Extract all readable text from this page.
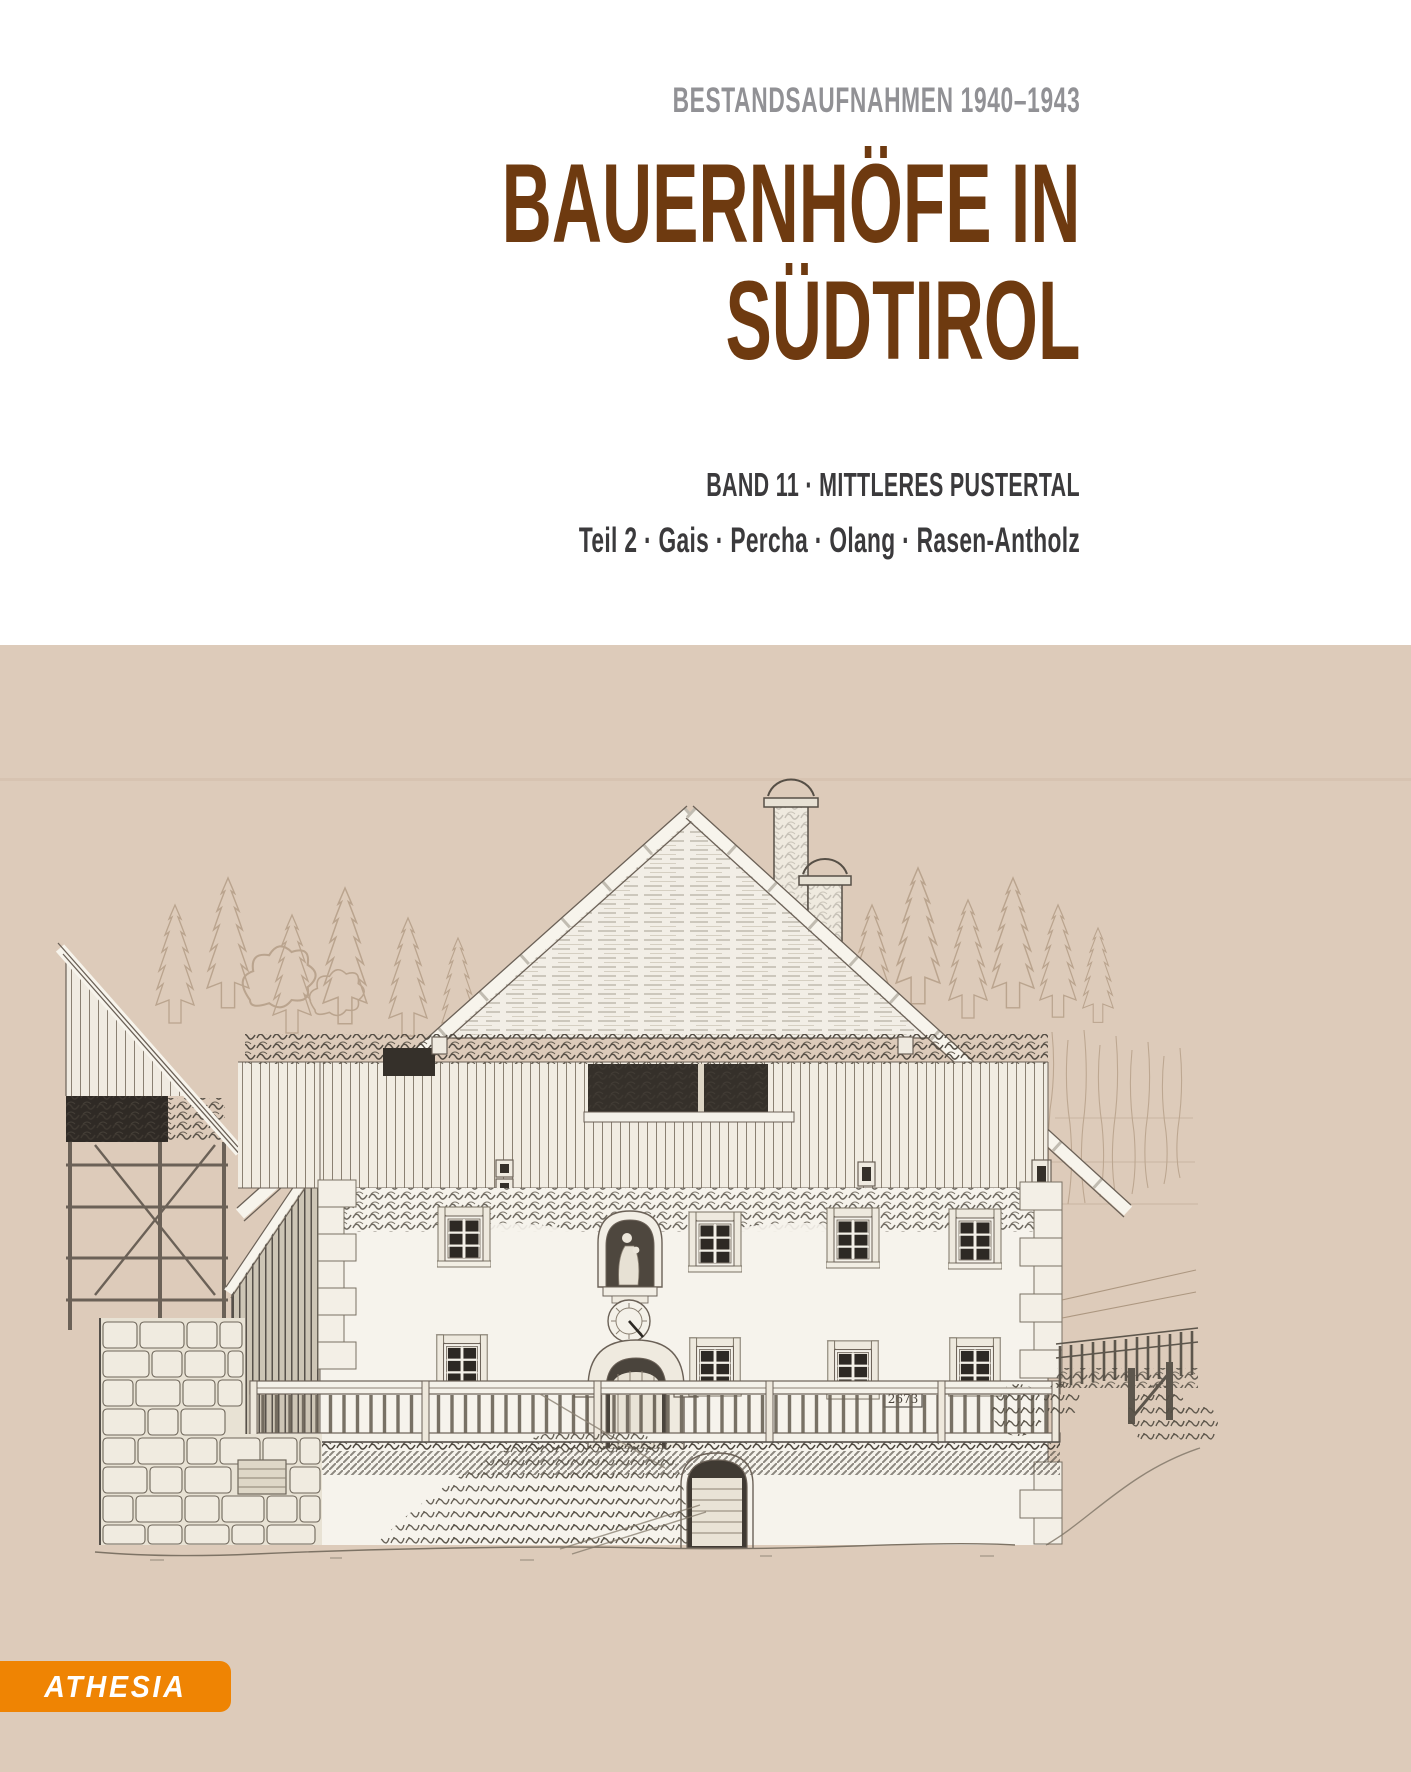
BESTANDSAUFNAHMEN 1940–1943
BAUERNHÖFE IN
SÜDTIROL
BAND 11 · MITTLERES PUSTERTAL
Teil 2 · Gais · Percha · Olang · Rasen-Antholz
ATHESIA
